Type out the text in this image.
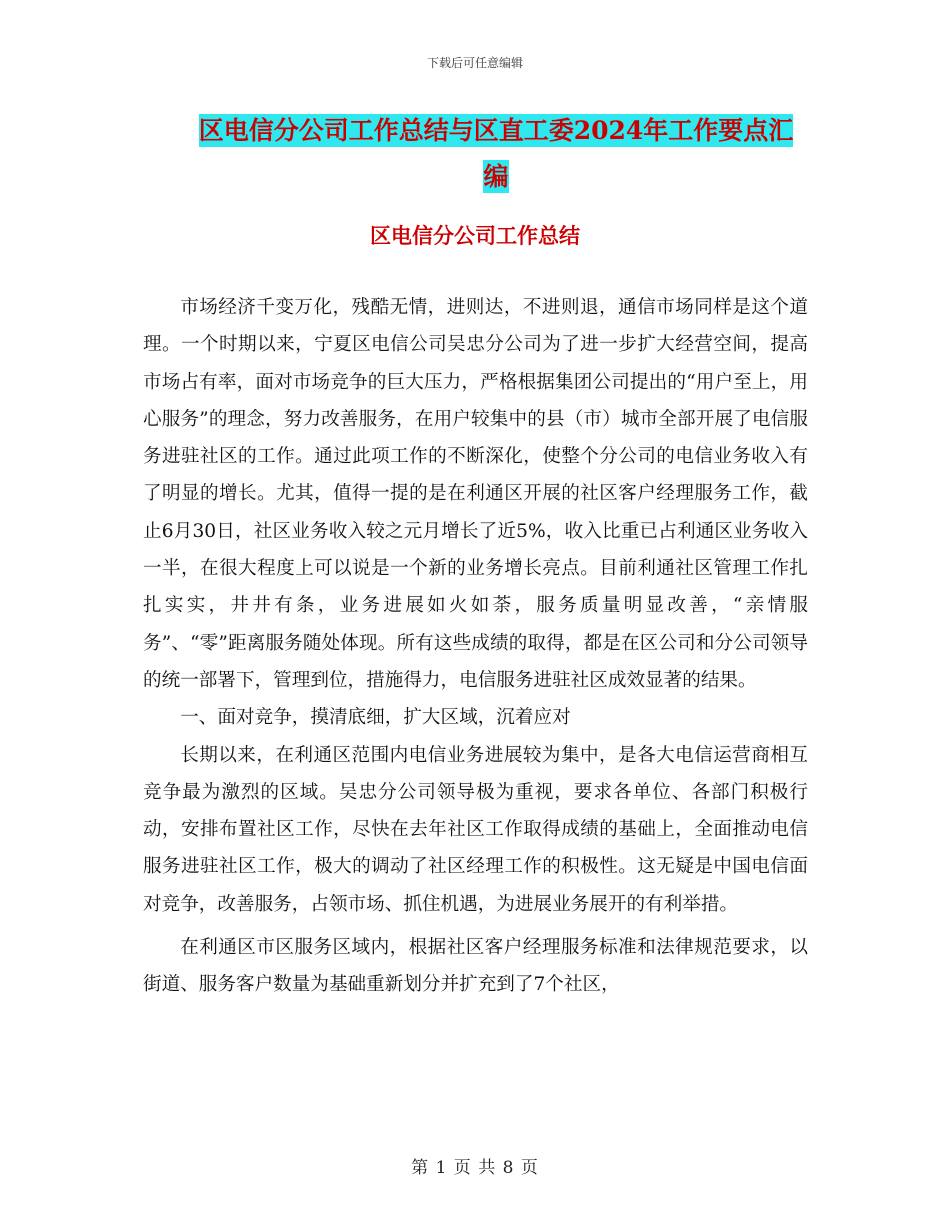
下载后可任意编辑
区电信分公司工作总结与区直工委2024年工作要点汇
编
区电信分公司工作总结

市场经济千变万化，残酷无情，进则达，不进则退，通信市场同样是这个道理。一个时期以来，宁夏区电信公司吴忠分公司为了进一步扩大经营空间，提高市场占有率，面对市场竞争的巨大压力，严格根据集团公司提出的“用户至上，用心服务”的理念，努力改善服务，在用户较集中的县（市）城市全部开展了电信服务进驻社区的工作。通过此项工作的不断深化，使整个分公司的电信业务收入有了明显的增长。尤其，值得一提的是在利通区开展的社区客户经理服务工作，截止6月30日，社区业务收入较之元月增长了近5%，收入比重已占利通区业务收入一半，在很大程度上可以说是一个新的业务增长亮点。目前利通社区管理工作扎扎实实，井井有条，业务进展如火如荼，服务质量明显改善，“亲情服务”、“零”距离服务随处体现。所有这些成绩的取得，都是在区公司和分公司领导的统一部署下，管理到位，措施得力，电信服务进驻社区成效显著的结果。

一、面对竞争，摸清底细，扩大区域，沉着应对

长期以来，在利通区范围内电信业务进展较为集中，是各大电信运营商相互竞争最为激烈的区域。吴忠分公司领导极为重视，要求各单位、各部门积极行动，安排布置社区工作，尽快在去年社区工作取得成绩的基础上，全面推动电信服务进驻社区工作，极大的调动了社区经理工作的积极性。这无疑是中国电信面对竞争，改善服务，占领市场、抓住机遇，为进展业务展开的有利举措。

在利通区市区服务区域内，根据社区客户经理服务标准和法律规范要求，以街道、服务客户数量为基础重新划分并扩充到了7个社区，

第 1 页 共 8 页
